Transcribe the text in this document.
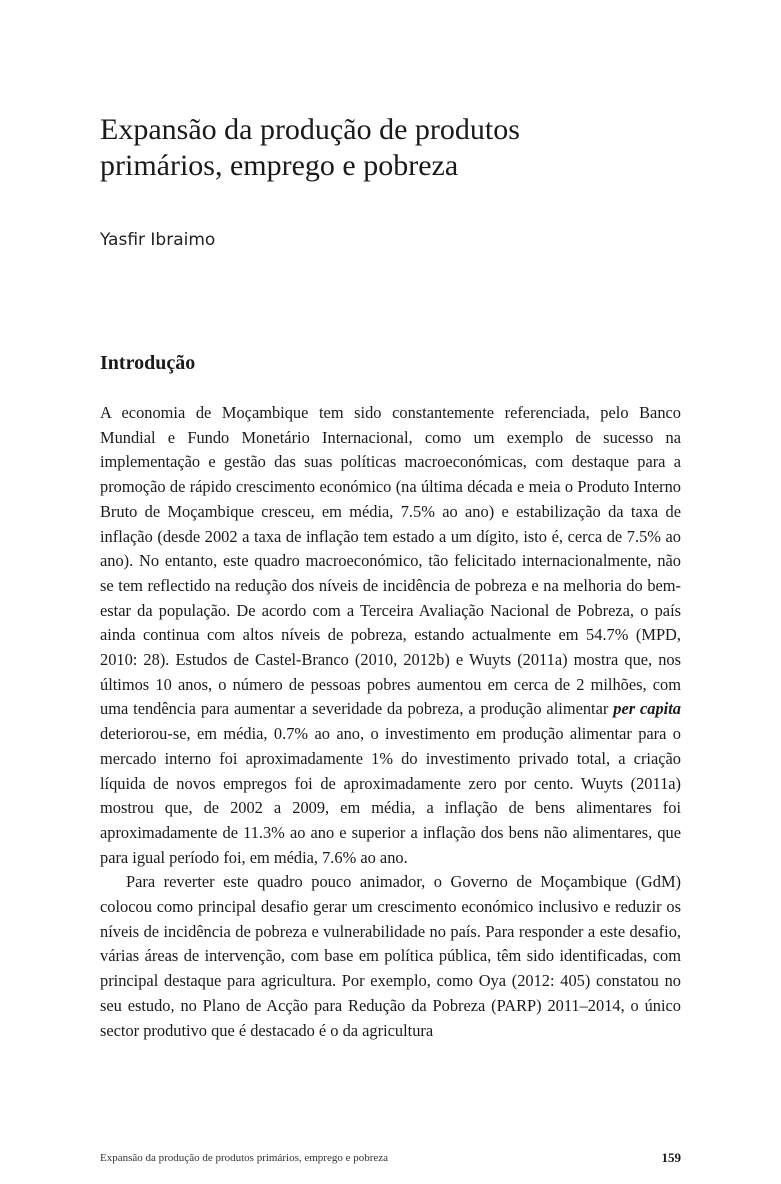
Expansão da produção de produtos
primários, emprego e pobreza
Yasfir Ibraimo
Introdução

A economia de Moçambique tem sido constantemente referenciada, pelo Banco Mundial e Fundo Monetário Internacional, como um exemplo de sucesso na implementação e gestão das suas políticas macroeconómicas, com destaque para a promoção de rápido crescimento económico (na última década e meia o Produto Interno Bruto de Moçambique cresceu, em média, 7.5% ao ano) e estabilização da taxa de inflação (desde 2002 a taxa de inflação tem estado a um dígito, isto é, cerca de 7.5% ao ano). No entanto, este quadro macroeconómico, tão felicitado internacionalmente, não se tem reflectido na redução dos níveis de incidência de pobreza e na melhoria do bem-estar da população. De acordo com a Terceira Avaliação Nacional de Pobreza, o país ainda continua com altos níveis de pobreza, estando actualmente em 54.7% (MPD, 2010: 28). Estudos de Castel-Branco (2010, 2012b) e Wuyts (2011a) mostra que, nos últimos 10 anos, o número de pessoas pobres aumentou em cerca de 2 milhões, com uma tendência para aumentar a severidade da pobreza, a produção alimentar per capita deteriorou-se, em média, 0.7% ao ano, o investimento em produção alimentar para o mercado interno foi aproximadamente 1% do investimento privado total, a criação líquida de novos empregos foi de aproximadamente zero por cento. Wuyts (2011a) mostrou que, de 2002 a 2009, em média, a inflação de bens alimentares foi aproximadamente de 11.3% ao ano e superior a inflação dos bens não alimentares, que para igual período foi, em média, 7.6% ao ano.

Para reverter este quadro pouco animador, o Governo de Moçambique (GdM) colocou como principal desafio gerar um crescimento económico inclusivo e reduzir os níveis de incidência de pobreza e vulnerabilidade no país. Para responder a este desafio, várias áreas de intervenção, com base em política pública, têm sido identificadas, com principal destaque para agricultura. Por exemplo, como Oya (2012: 405) constatou no seu estudo, no Plano de Acção para Redução da Pobreza (PARP) 2011–2014, o único sector produtivo que é destacado é o da agricultura

Expansão da produção de produtos primários, emprego e pobreza	159
